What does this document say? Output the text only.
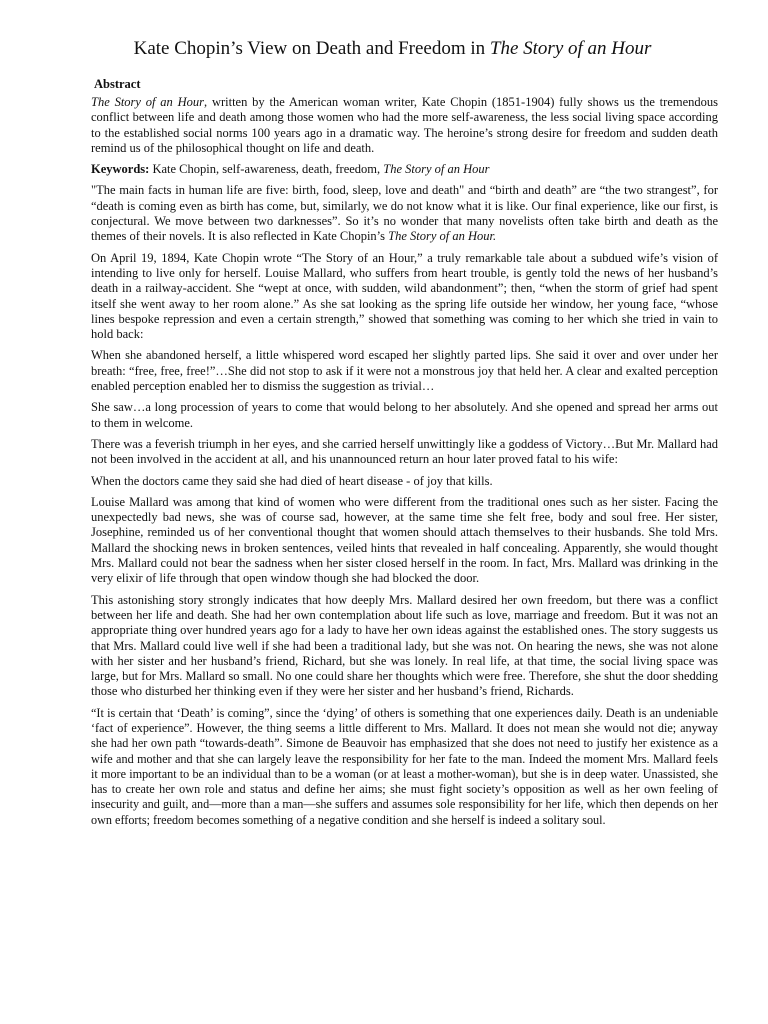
Kate Chopin’s View on Death and Freedom in The Story of an Hour
Abstract

The Story of an Hour, written by the American woman writer, Kate Chopin (1851-1904) fully shows us the tremendous conflict between life and death among those women who had the more self-awareness, the less social living space according to the established social norms 100 years ago in a dramatic way. The heroine’s strong desire for freedom and sudden death remind us of the philosophical thought on life and death.

Keywords: Kate Chopin, self-awareness, death, freedom, The Story of an Hour

"The main facts in human life are five: birth, food, sleep, love and death" and “birth and death” are “the two strangest”, for “death is coming even as birth has come, but, similarly, we do not know what it is like. Our final experience, like our first, is conjectural. We move between two darknesses”. So it’s no wonder that many novelists often take birth and death as the themes of their novels. It is also reflected in Kate Chopin’s The Story of an Hour.

On April 19, 1894, Kate Chopin wrote “The Story of an Hour,” a truly remarkable tale about a subdued wife’s vision of intending to live only for herself. Louise Mallard, who suffers from heart trouble, is gently told the news of her husband’s death in a railway-accident. She “wept at once, with sudden, wild abandonment”; then, “when the storm of grief had spent itself she went away to her room alone.” As she sat looking as the spring life outside her window, her young face, “whose lines bespoke repression and even a certain strength,” showed that something was coming to her which she tried in vain to hold back:

When she abandoned herself, a little whispered word escaped her slightly parted lips. She said it over and over under her breath: “free, free, free!”…She did not stop to ask if it were not a monstrous joy that held her. A clear and exalted perception enabled perception enabled her to dismiss the suggestion as trivial…

She saw…a long procession of years to come that would belong to her absolutely. And she opened and spread her arms out to them in welcome.

There was a feverish triumph in her eyes, and she carried herself unwittingly like a goddess of Victory…But Mr. Mallard had not been involved in the accident at all, and his unannounced return an hour later proved fatal to his wife:

When the doctors came they said she had died of heart disease - of joy that kills.

Louise Mallard was among that kind of women who were different from the traditional ones such as her sister. Facing the unexpectedly bad news, she was of course sad, however, at the same time she felt free, body and soul free. Her sister, Josephine, reminded us of her conventional thought that women should attach themselves to their husbands. She told Mrs. Mallard the shocking news in broken sentences, veiled hints that revealed in half concealing. Apparently, she would thought Mrs. Mallard could not bear the sadness when her sister closed herself in the room. In fact, Mrs. Mallard was drinking in the very elixir of life through that open window though she had blocked the door.

This astonishing story strongly indicates that how deeply Mrs. Mallard desired her own freedom, but there was a conflict between her life and death. She had her own contemplation about life such as love, marriage and freedom. But it was not an appropriate thing over hundred years ago for a lady to have her own ideas against the established ones. The story suggests us that Mrs. Mallard could live well if she had been a traditional lady, but she was not. On hearing the news, she was not alone with her sister and her husband’s friend, Richard, but she was lonely. In real life, at that time, the social living space was large, but for Mrs. Mallard so small. No one could share her thoughts which were free. Therefore, she shut the door shedding those who disturbed her thinking even if they were her sister and her husband’s friend, Richards.

“It is certain that ‘Death’ is coming”, since the ‘dying’ of others is something that one experiences daily. Death is an undeniable ‘fact of experience”. However, the thing seems a little different to Mrs. Mallard. It does not mean she would not die; anyway she had her own path “towards-death”. Simone de Beauvoir has emphasized that she does not need to justify her existence as a wife and mother and that she can largely leave the responsibility for her fate to the man. Indeed the moment Mrs. Mallard feels it more important to be an individual than to be a woman (or at least a mother-woman), but she is in deep water. Unassisted, she has to create her own role and status and define her aims; she must fight society’s opposition as well as her own feeling of insecurity and guilt, and—more than a man—she suffers and assumes sole responsibility for her life, which then depends on her own efforts; freedom becomes something of a negative condition and she herself is indeed a solitary soul.
